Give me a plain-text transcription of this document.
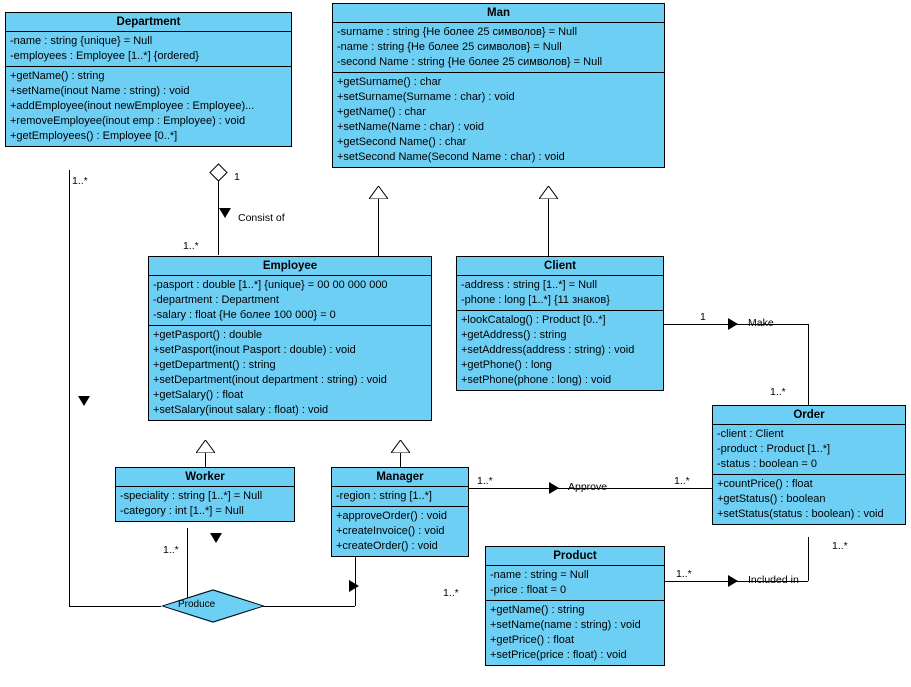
Department
-name : string {unique} = Null
-employees : Employee [1..*] {ordered}
+getName() : string
+setName(inout Name : string) : void
+addEmployee(inout newEmployee : Employee)...
+removeEmployee(inout emp : Employee) : void
+getEmployees() : Employee [0..*]
Man
-surname : string {Не более 25 символов} = Null
-name : string {Не более 25 символов} = Null
-second Name : string {Не более 25 символов} = Null
+getSurname() : char
+setSurname(Surname : char) : void
+getName() : char
+setName(Name : char) : void
+getSecond Name() : char
+setSecond Name(Second Name : char) : void
Employee
-pasport : double [1..*] {unique} = 00 00 000 000
-department : Department
-salary : float {Не более 100 000} = 0
+getPasport() : double
+setPasport(inout Pasport : double) : void
+getDepartment() : string
+setDepartment(inout department : string) : void
+getSalary() : float
+setSalary(inout salary : float) : void
Client
-address : string [1..*] = Null
-phone : long [1..*] {11 знаков}
+lookCatalog() : Product [0..*]
+getAddress() : string
+setAddress(address : string) : void
+getPhone() : long
+setPhone(phone : long) : void
Order
-client : Client
-product : Product [1..*]
-status : boolean = 0
+countPrice() : float
+getStatus() : boolean
+setStatus(status : boolean) : void
Worker
-speciality : string [1..*] = Null
-category : int [1..*] = Null
Manager
-region : string [1..*]
+approveOrder() : void
+createInvoice() : void
+createOrder() : void
Product
-name : string = Null
-price : float = 0
+getName() : string
+setName(name : string) : void
+getPrice() : float
+setPrice(price : float) : void
Consist of
Make
Approve
Included in
Produce
1..*	1
1..*
1
1..*
1..*	1..*
1..*
1..*
1..*
1..*
